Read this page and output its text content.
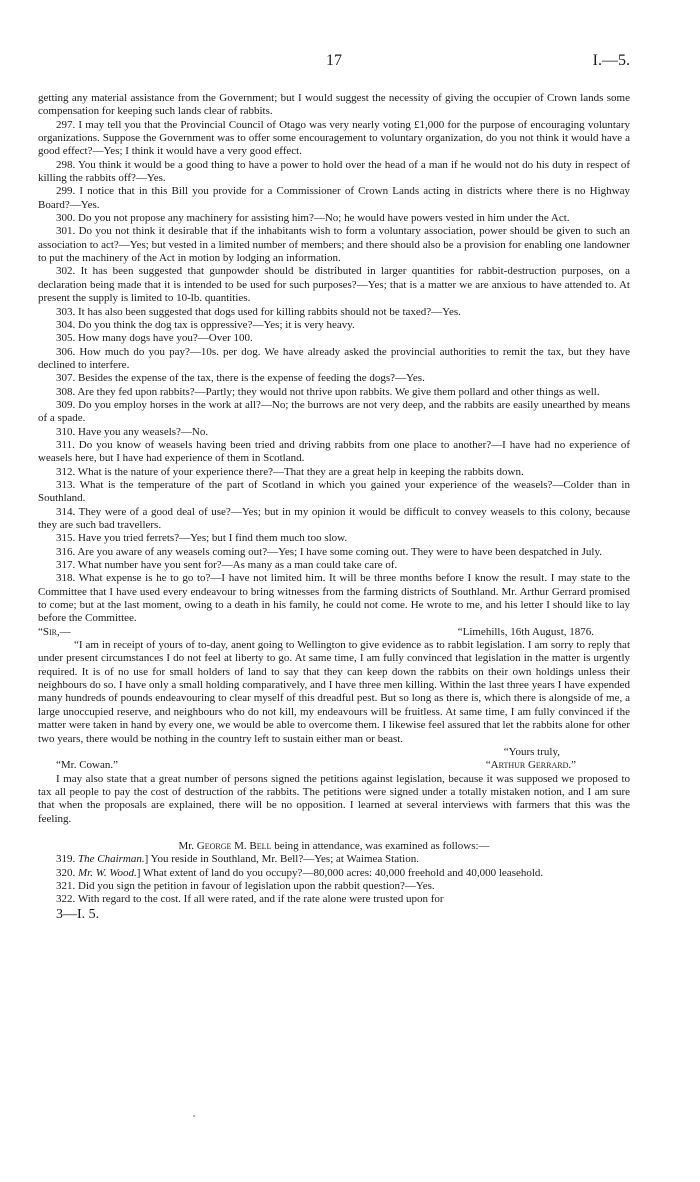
17	I.—5.

getting any material assistance from the Government; but I would suggest the necessity of giving the occupier of Crown lands some compensation for keeping such lands clear of rabbits.

297. I may tell you that the Provincial Council of Otago was very nearly voting £1,000 for the purpose of encouraging voluntary organizations. Suppose the Government was to offer some encouragement to voluntary organization, do you not think it would have a good effect?—Yes; I think it would have a very good effect.

298. You think it would be a good thing to have a power to hold over the head of a man if he would not do his duty in respect of killing the rabbits off?—Yes.

299. I notice that in this Bill you provide for a Commissioner of Crown Lands acting in districts where there is no Highway Board?—Yes.

300. Do you not propose any machinery for assisting him?—No; he would have powers vested in him under the Act.

301. Do you not think it desirable that if the inhabitants wish to form a voluntary association, power should be given to such an association to act?—Yes; but vested in a limited number of members; and there should also be a provision for enabling one landowner to put the machinery of the Act in motion by lodging an information.

302. It has been suggested that gunpowder should be distributed in larger quantities for rabbit-destruction purposes, on a declaration being made that it is intended to be used for such purposes?—Yes; that is a matter we are anxious to have attended to. At present the supply is limited to 10-lb. quantities.

303. It has also been suggested that dogs used for killing rabbits should not be taxed?—Yes.

304. Do you think the dog tax is oppressive?—Yes; it is very heavy.

305. How many dogs have you?—Over 100.

306. How much do you pay?—10s. per dog. We have already asked the provincial authorities to remit the tax, but they have declined to interfere.

307. Besides the expense of the tax, there is the expense of feeding the dogs?—Yes.

308. Are they fed upon rabbits?—Partly; they would not thrive upon rabbits. We give them pollard and other things as well.

309. Do you employ horses in the work at all?—No; the burrows are not very deep, and the rabbits are easily unearthed by means of a spade.

310. Have you any weasels?—No.

311. Do you know of weasels having been tried and driving rabbits from one place to another?—I have had no experience of weasels here, but I have had experience of them in Scotland.

312. What is the nature of your experience there?—That they are a great help in keeping the rabbits down.

313. What is the temperature of the part of Scotland in which you gained your experience of the weasels?—Colder than in Southland.

314. They were of a good deal of use?—Yes; but in my opinion it would be difficult to convey weasels to this colony, because they are such bad travellers.

315. Have you tried ferrets?—Yes; but I find them much too slow.

316. Are you aware of any weasels coming out?—Yes; I have some coming out. They were to have been despatched in July.

317. What number have you sent for?—As many as a man could take care of.

318. What expense is he to go to?—I have not limited him. It will be three months before I know the result. I may state to the Committee that I have used every endeavour to bring witnesses from the farming districts of Southland. Mr. Arthur Gerrard promised to come; but at the last moment, owing to a death in his family, he could not come. He wrote to me, and his letter I should like to lay before the Committee.

“Sir,—	“Limehills, 16th August, 1876.

“I am in receipt of yours of to-day, anent going to Wellington to give evidence as to rabbit legislation. I am sorry to reply that under present circumstances I do not feel at liberty to go. At same time, I am fully convinced that legislation in the matter is urgently required. It is of no use for small holders of land to say that they can keep down the rabbits on their own holdings unless their neighbours do so. I have only a small holding comparatively, and I have three men killing. Within the last three years I have expended many hundreds of pounds endeavouring to clear myself of this dreadful pest. But so long as there is, which there is alongside of me, a large unoccupied reserve, and neighbours who do not kill, my endeavours will be fruitless. At same time, I am fully convinced if the matter were taken in hand by every one, we would be able to overcome them. I likewise feel assured that let the rabbits alone for other two years, there would be nothing in the country left to sustain either man or beast.

“Yours truly,
“Mr. Cowan.”	“Arthur Gerrard.”

I may also state that a great number of persons signed the petitions against legislation, because it was supposed we proposed to tax all people to pay the cost of destruction of the rabbits. The petitions were signed under a totally mistaken notion, and I am sure that when the proposals are explained, there will be no opposition. I learned at several interviews with farmers that this was the feeling.

Mr. George M. Bell being in attendance, was examined as follows:—

319. The Chairman.] You reside in Southland, Mr. Bell?—Yes; at Waimea Station.

320. Mr. W. Wood.] What extent of land do you occupy?—80,000 acres: 40,000 freehold and 40,000 leasehold.

321. Did you sign the petition in favour of legislation upon the rabbit question?—Yes.

322. With regard to the cost. If all were rated, and if the rate alone were trusted upon for

3—I. 5.
